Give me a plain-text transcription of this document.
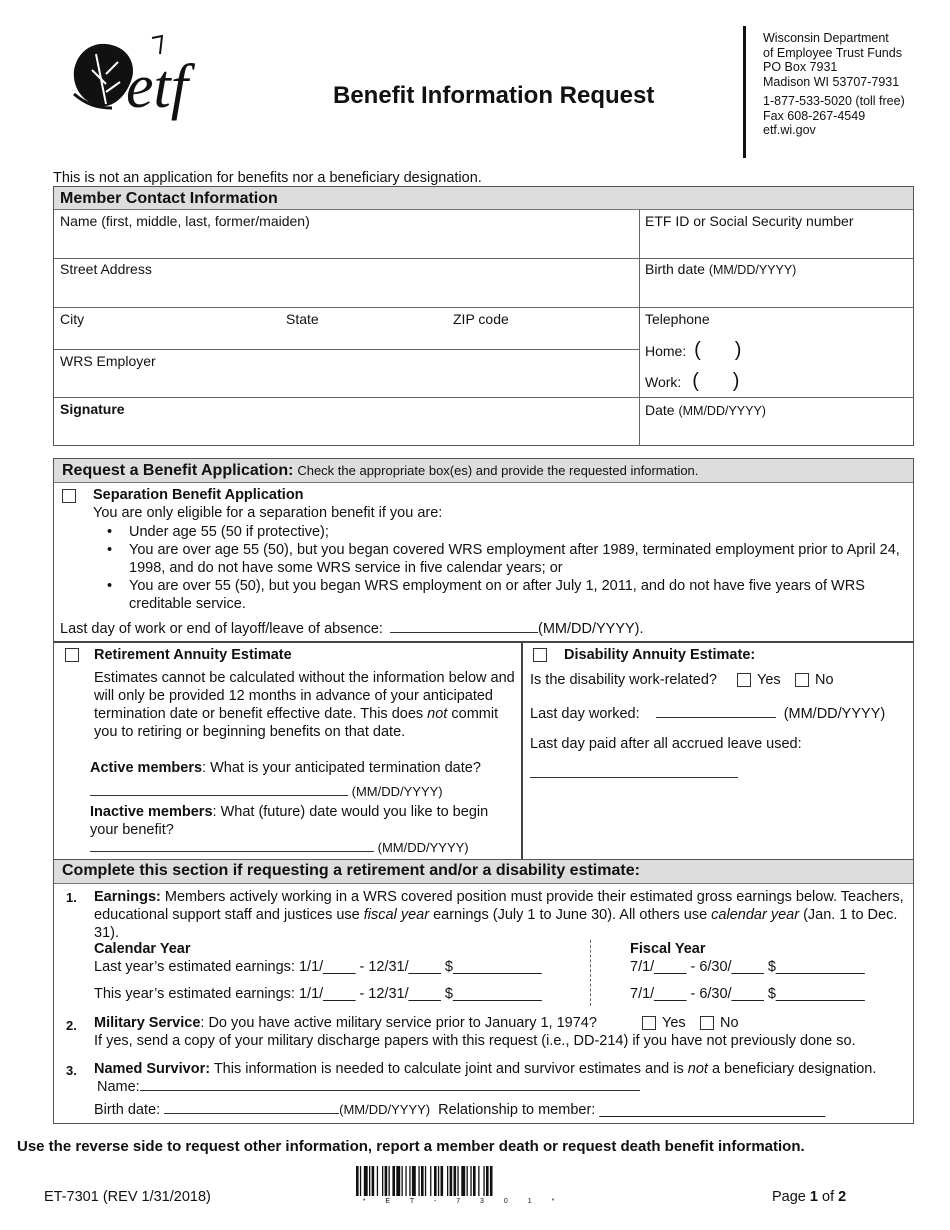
etf	Benefit Information Request
Wisconsin Department
of Employee Trust Funds
PO Box 7931
Madison WI 53707-7931
1-877-533-5020 (toll free)
Fax 608-267-4549
etf.wi.gov
This is not an application for benefits nor a beneficiary designation.
Member Contact Information
Name (first, middle, last, former/maiden)	ETF ID or Social Security number
Street Address	Birth date (MM/DD/YYYY)
City	State	ZIP code	Telephone
Home: ( )
Work: ( )
WRS Employer
Signature	Date (MM/DD/YYYY)
Request a Benefit Application: Check the appropriate box(es) and provide the requested information.
Separation Benefit Application
You are only eligible for a separation benefit if you are:
• Under age 55 (50 if protective);
• You are over age 55 (50), but you began covered WRS employment after 1989, terminated employment prior to April 24, 1998, and do not have some WRS service in five calendar years; or
• You are over 55 (50), but you began WRS employment on or after July 1, 2011, and do not have five years of WRS creditable service.
Last day of work or end of layoff/leave of absence:	(MM/DD/YYYY).
Retirement Annuity Estimate
Estimates cannot be calculated without the information below and will only be provided 12 months in advance of your anticipated termination date or benefit effective date. This does not commit you to retiring or beginning benefits on that date.
Active members: What is your anticipated termination date?
(MM/DD/YYYY)
Inactive members: What (future) date would you like to begin your benefit?
(MM/DD/YYYY)
Disability Annuity Estimate:
Is the disability work-related?	Yes No
Last day worked:	(MM/DD/YYYY)
Last day paid after all accrued leave used:
Complete this section if requesting a retirement and/or a disability estimate:
1. Earnings: Members actively working in a WRS covered position must provide their estimated gross earnings below. Teachers, educational support staff and justices use fiscal year earnings (July 1 to June 30). All others use calendar year (Jan. 1 to Dec. 31).
Calendar Year	Fiscal Year
Last year’s estimated earnings: 1/1/____ - 12/31/____ $___________	7/1/____ - 6/30/____ $___________
This year’s estimated earnings: 1/1/____ - 12/31/____ $___________	7/1/____ - 6/30/____ $___________
2. Military Service: Do you have active military service prior to January 1, 1974?	Yes No
If yes, send a copy of your military discharge papers with this request (i.e., DD-214) if you have not previously done so.
3. Named Survivor: This information is needed to calculate joint and survivor estimates and is not a beneficiary designation. Name:
Birth date:	(MM/DD/YYYY) Relationship to member: ____________________________
Use the reverse side to request other information, report a member death or request death benefit information.
ET-7301 (REV 1/31/2018)	* E T - 7 3 0 1 *	Page 1 of 2
